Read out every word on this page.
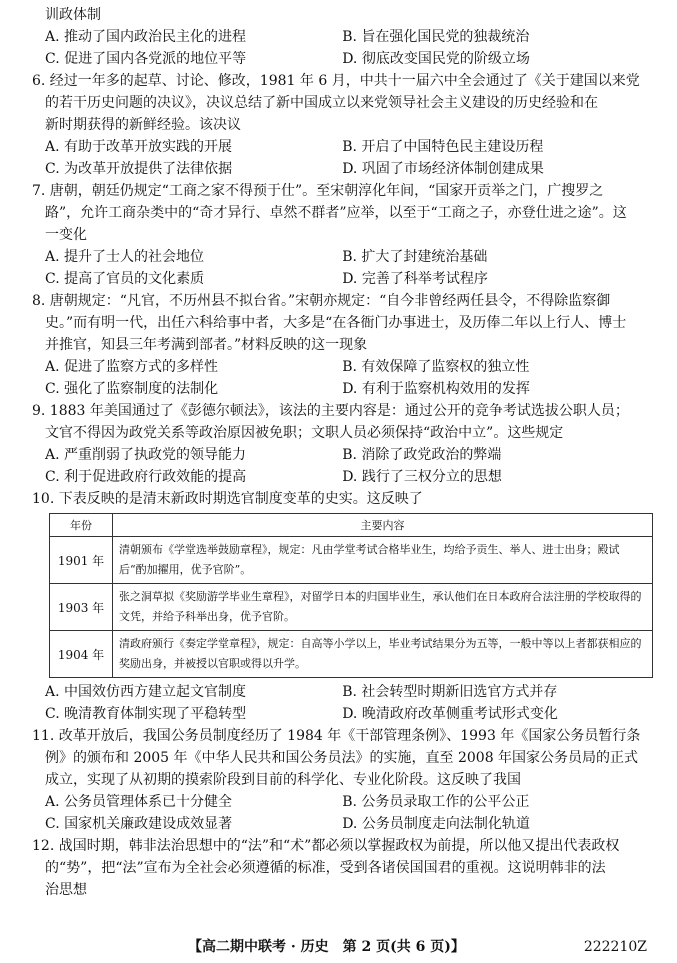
训政体制
A. 推动了国内政治民主化的进程	B. 旨在强化国民党的独裁统治
C. 促进了国内各党派的地位平等	D. 彻底改变国民党的阶级立场
6. 经过一年多的起草、讨论、修改，1981 年 6 月，中共十一届六中全会通过了《关于建国以来党
的若干历史问题的决议》，决议总结了新中国成立以来党领导社会主义建设的历史经验和在
新时期获得的新鲜经验。该决议
A. 有助于改革开放实践的开展	B. 开启了中国特色民主建设历程
C. 为改革开放提供了法律依据	D. 巩固了市场经济体制创建成果
7. 唐朝，朝廷仍规定“工商之家不得预于仕”。至宋朝淳化年间，“国家开贡举之门，广搜罗之
路”，允许工商杂类中的“奇才异行、卓然不群者”应举，以至于“工商之子，亦登仕进之途”。这
一变化
A. 提升了士人的社会地位	B. 扩大了封建统治基础
C. 提高了官员的文化素质	D. 完善了科举考试程序
8. 唐朝规定：“凡官，不历州县不拟台省。”宋朝亦规定：“自今非曾经两任县令，不得除监察御
史。”而有明一代，出任六科给事中者，大多是“在各衙门办事进士，及历俸二年以上行人、博士
并推官，知县三年考满到部者。”材料反映的这一现象
A. 促进了监察方式的多样性	B. 有效保障了监察权的独立性
C. 强化了监察制度的法制化	D. 有利于监察机构效用的发挥
9. 1883 年美国通过了《彭德尔顿法》，该法的主要内容是：通过公开的竞争考试选拔公职人员；
文官不得因为政党关系等政治原因被免职；文职人员必须保持“政治中立”。这些规定
A. 严重削弱了执政党的领导能力	B. 消除了政党政治的弊端
C. 利于促进政府行政效能的提高	D. 践行了三权分立的思想
10. 下表反映的是清末新政时期选官制度变革的史实。这反映了
年份	主要内容
1901 年	清朝颁布《学堂选举鼓励章程》，规定：凡由学堂考试合格毕业生，均给予贡生、举人、进士出身；殿试后“酌加擢用，优予官阶”。
1903 年	张之洞草拟《奖励游学毕业生章程》，对留学日本的归国毕业生，承认他们在日本政府合法注册的学校取得的文凭，并给予科举出身，优予官阶。
1904 年	清政府颁行《奏定学堂章程》，规定：自高等小学以上，毕业考试结果分为五等，一般中等以上者都获相应的奖励出身，并被授以官职或得以升学。
A. 中国效仿西方建立起文官制度	B. 社会转型时期新旧选官方式并存
C. 晚清教育体制实现了平稳转型	D. 晚清政府改革侧重考试形式变化
11. 改革开放后，我国公务员制度经历了 1984 年《干部管理条例》、1993 年《国家公务员暂行条
例》的颁布和 2005 年《中华人民共和国公务员法》的实施，直至 2008 年国家公务员局的正式
成立，实现了从初期的摸索阶段到目前的科学化、专业化阶段。这反映了我国
A. 公务员管理体系已十分健全	B. 公务员录取工作的公平公正
C. 国家机关廉政建设成效显著	D. 公务员制度走向法制化轨道
12. 战国时期，韩非法治思想中的“法”和“术”都必须以掌握政权为前提，所以他又提出代表政权
的“势”，把“法”宣布为全社会必须遵循的标准，受到各诸侯国国君的重视。这说明韩非的法
治思想
【高二期中联考 · 历史　第 2 页(共 6 页)】	222210Z
